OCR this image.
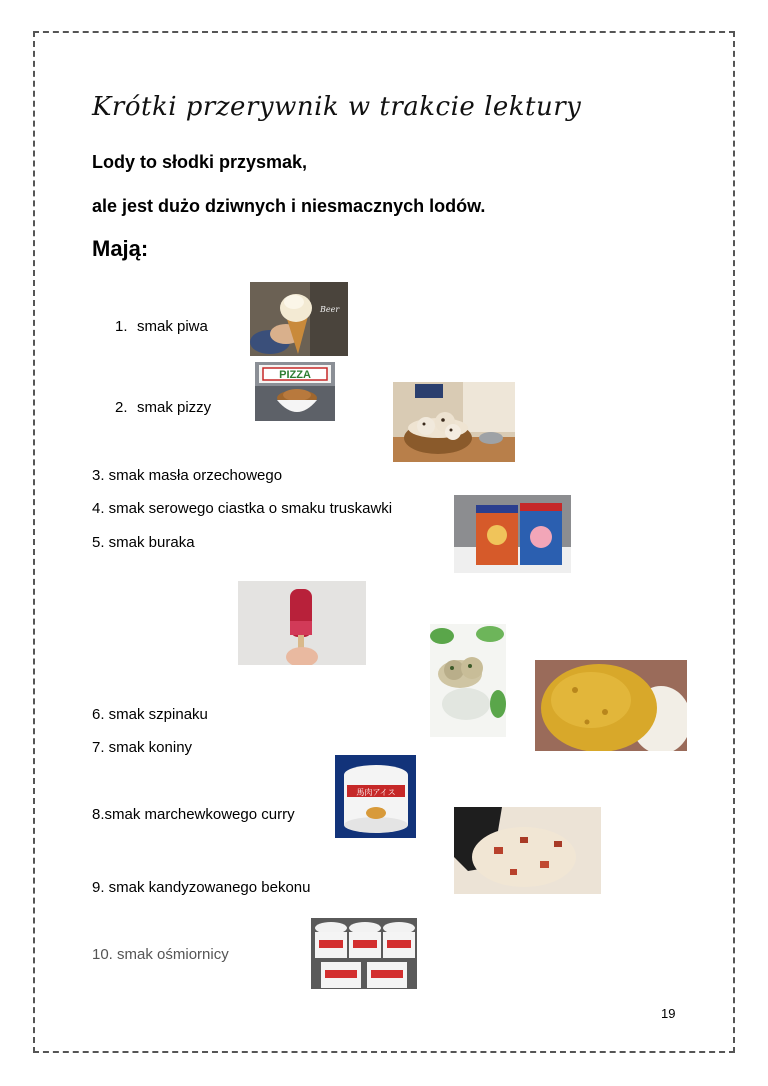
Krótki przerywnik w trakcie lektury
Lody to słodki przysmak,
ale jest dużo dziwnych i niesmacznych lodów.
Mają:
1. smak piwa
2. smak pizzy
3. smak masła orzechowego
4. smak serowego ciastka o smaku truskawki
5. smak buraka
6. smak szpinaku
7. smak koniny
8.smak marchewkowego curry
9. smak kandyzowanego bekonu
10. smak ośmiornicy
Beer
PIZZA
馬肉アイス
19
